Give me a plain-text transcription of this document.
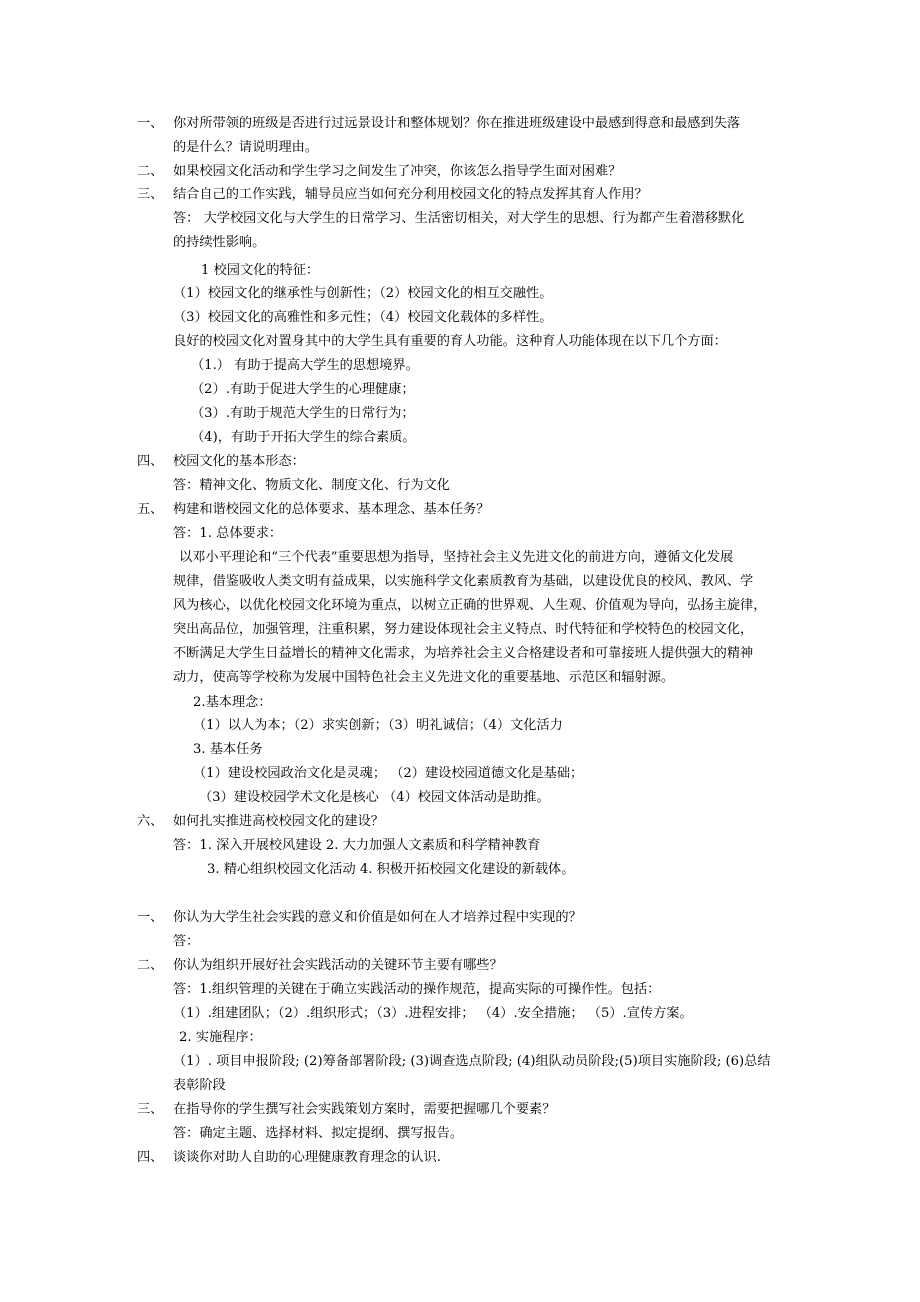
一、 你对所带领的班级是否进行过远景设计和整体规划？你在推进班级建设中最感到得意和最感到失落
的是什么？请说明理由。
二、 如果校园文化活动和学生学习之间发生了冲突，你该怎么指导学生面对困难？
三、 结合自己的工作实践，辅导员应当如何充分利用校园文化的特点发挥其育人作用？
答： 大学校园文化与大学生的日常学习、生活密切相关，对大学生的思想、行为都产生着潜移默化
的持续性影响。
1 校园文化的特征：
（1）校园文化的继承性与创新性；（2）校园文化的相互交融性。
（3）校园文化的高雅性和多元性；（4）校园文化载体的多样性。
良好的校园文化对置身其中的大学生具有重要的育人功能。这种育人功能体现在以下几个方面：
（1.） 有助于提高大学生的思想境界。
（2）.有助于促进大学生的心理健康；
（3）.有助于规范大学生的日常行为；
（4)，有助于开拓大学生的综合素质。
四、 校园文化的基本形态：
答：精神文化、物质文化、制度文化、行为文化
五、 构建和谐校园文化的总体要求、基本理念、基本任务？
答：1. 总体要求：
以邓小平理论和“三个代表”重要思想为指导，坚持社会主义先进文化的前进方向，遵循文化发展
规律，借鉴吸收人类文明有益成果，以实施科学文化素质教育为基础，以建设优良的校风、教风、学
风为核心，以优化校园文化环境为重点，以树立正确的世界观、人生观、价值观为导向，弘扬主旋律，
突出高品位，加强管理，注重积累，努力建设体现社会主义特点、时代特征和学校特色的校园文化，
不断满足大学生日益增长的精神文化需求，为培养社会主义合格建设者和可靠接班人提供强大的精神
动力，使高等学校称为发展中国特色社会主义先进文化的重要基地、示范区和辐射源。
2.基本理念：
（1）以人为本；（2）求实创新；（3）明礼诚信；（4）文化活力
3. 基本任务
（1）建设校园政治文化是灵魂； （2）建设校园道德文化是基础；
（3）建设校园学术文化是核心 （4）校园文体活动是助推。
六、 如何扎实推进高校校园文化的建设？
答：1. 深入开展校风建设 2. 大力加强人文素质和科学精神教育
3. 精心组织校园文化活动 4. 积极开拓校园文化建设的新载体。
一、 你认为大学生社会实践的意义和价值是如何在人才培养过程中实现的？
答：
二、 你认为组织开展好社会实践活动的关键环节主要有哪些？
答：1.组织管理的关键在于确立实践活动的操作规范，提高实际的可操作性。包括：
（1）.组建团队；（2）.组织形式；（3）.进程安排； （4）.安全措施； （5）.宣传方案。
2. 实施程序：
（1）. 项目申报阶段; (2)筹备部署阶段; (3)调查选点阶段; (4)组队动员阶段;(5)项目实施阶段; (6)总结
表彰阶段
三、 在指导你的学生撰写社会实践策划方案时，需要把握哪几个要素？
答：确定主题、选择材料、拟定提纲、撰写报告。
四、 谈谈你对助人自助的心理健康教育理念的认识.
